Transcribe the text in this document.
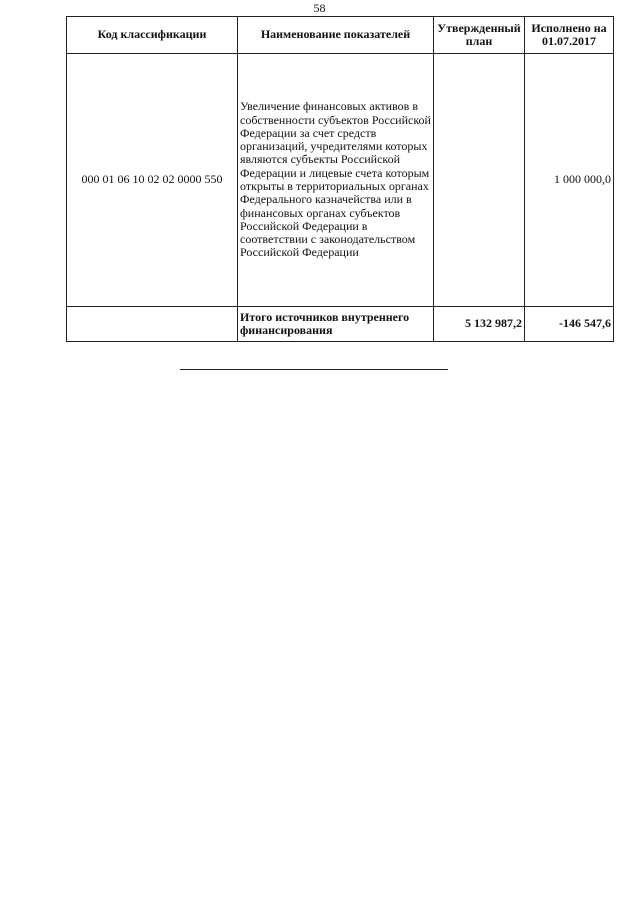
58
Код классификации	Наименование показателей	Утвержденный план	Исполнено на 01.07.2017
000 01 06 10 02 02 0000 550	Увеличение финансовых активов в собственности субъектов Российской Федерации за счет средств организаций, учредителями которых являются субъекты Российской Федерации и лицевые счета которым открыты в территориальных органах Федерального казначейства или в финансовых органах субъектов Российской Федерации в соответствии с законодательством Российской Федерации		1 000 000,0
	Итого источников внутреннего финансирования	5 132 987,2	-146 547,6
